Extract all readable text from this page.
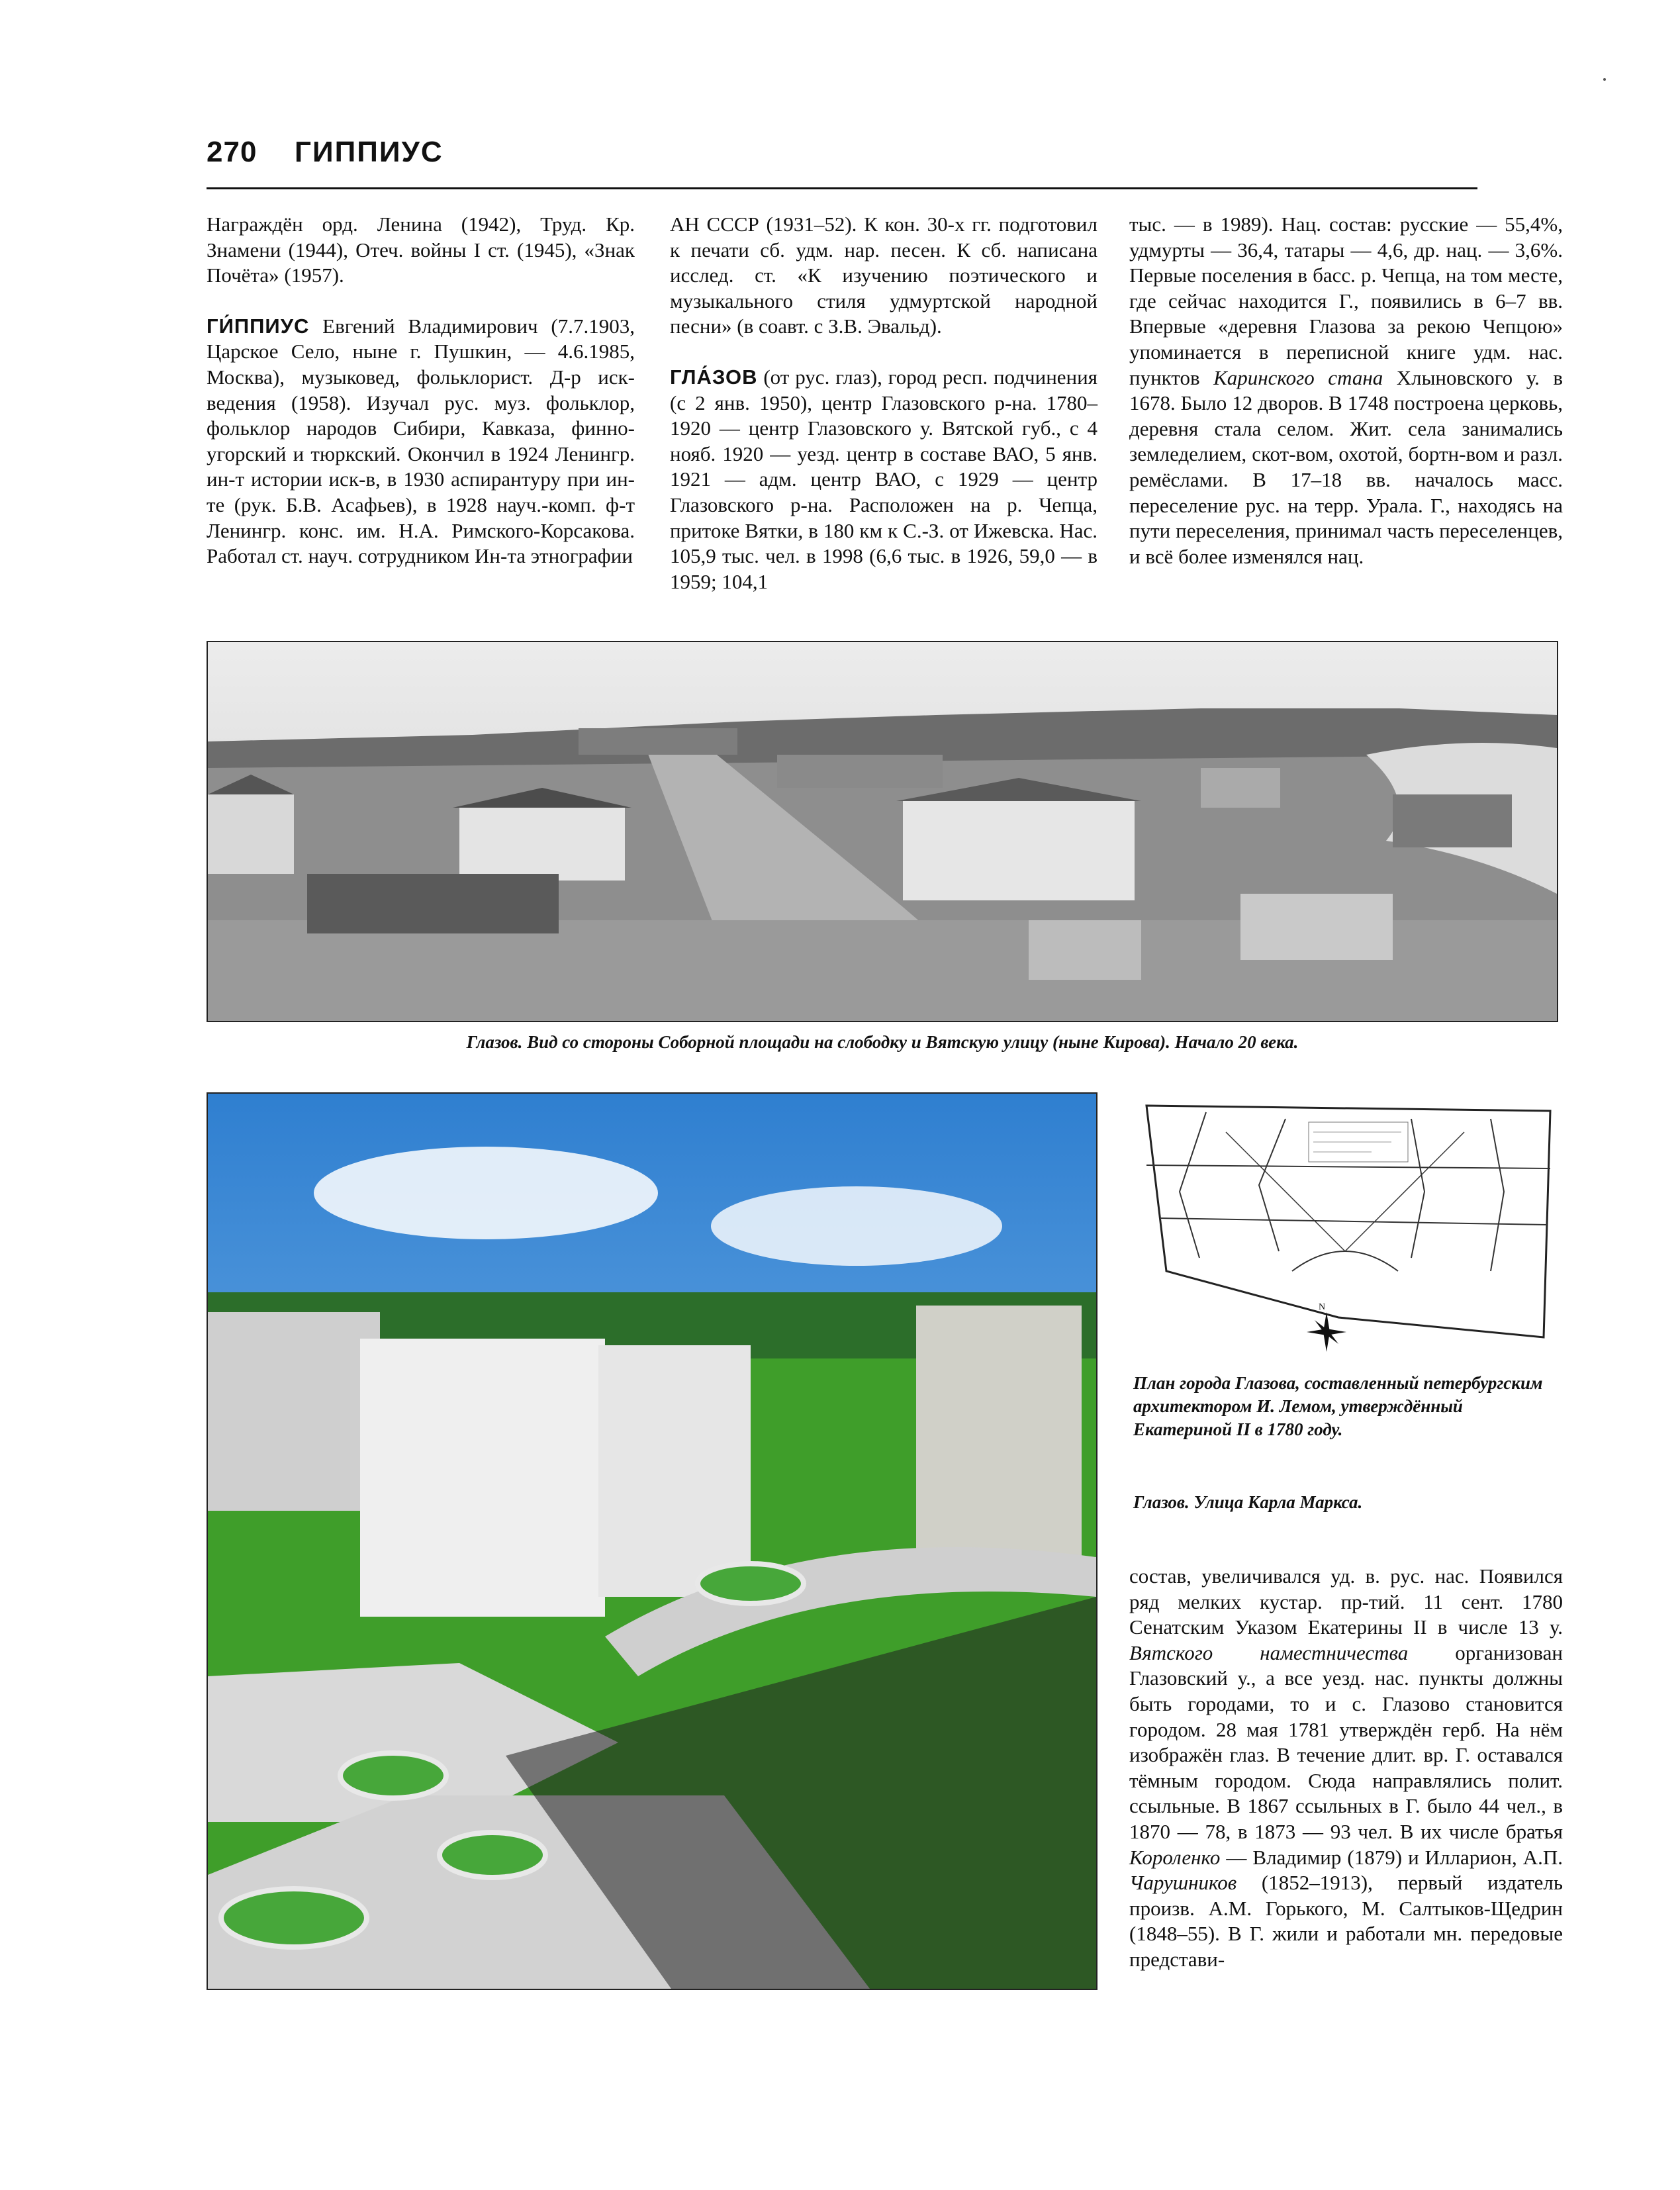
270 ГИППИУС

Награждён орд. Ленина (1942), Труд. Кр. Знамени (1944), Отеч. войны I ст. (1945), «Знак Почёта» (1957).

ГИ́ППИУС Евгений Владимирович (7.7.1903, Царское Село, ныне г. Пушкин, — 4.6.1985, Москва), музыковед, фольклорист. Д-р иск-ведения (1958). Изучал рус. муз. фольклор, фольклор народов Сибири, Кавказа, финно-угорский и тюркский. Окончил в 1924 Ленингр. ин-т истории иск-в, в 1930 аспирантуру при ин-те (рук. Б.В. Асафьев), в 1928 науч.-комп. ф-т Ленингр. конс. им. Н.А. Римского-Корсакова. Работал ст. науч. сотрудником Ин-та этнографии

АН СССР (1931–52). К кон. 30-х гг. подготовил к печати сб. удм. нар. песен. К сб. написана исслед. ст. «К изучению поэтического и музыкального стиля удмуртской народной песни» (в соавт. с З.В. Эвальд).

ГЛА́ЗОВ (от рус. глаз), город респ. подчинения (с 2 янв. 1950), центр Глазовского р-на. 1780–1920 — центр Глазовского у. Вятской губ., с 4 нояб. 1920 — уезд. центр в составе ВАО, 5 янв. 1921 — адм. центр ВАО, с 1929 — центр Глазовского р-на. Расположен на р. Чепца, притоке Вятки, в 180 км к С.-З. от Ижевска. Нас. 105,9 тыс. чел. в 1998 (6,6 тыс. в 1926, 59,0 — в 1959; 104,1

тыс. — в 1989). Нац. состав: русские — 55,4%, удмурты — 36,4, татары — 4,6, др. нац. — 3,6%. Первые поселения в басс. р. Чепца, на том месте, где сейчас находится Г., появились в 6–7 вв. Впервые «деревня Глазова за рекою Чепцою» упоминается в переписной книге удм. нас. пунктов Каринского стана Хлыновского у. в 1678. Было 12 дворов. В 1748 построена церковь, деревня стала селом. Жит. села занимались земледелием, скот-вом, охотой, бортн-вом и разл. ремёслами. В 17–18 вв. началось масс. переселение рус. на терр. Урала. Г., находясь на пути переселения, принимал часть переселенцев, и всё более изменялся нац.

Глазов. Вид со стороны Соборной площади на слободку и Вятскую улицу (ныне Кирова). Начало 20 века.
N
План города Глазова, составленный петербургским архитектором И. Лемом, утверждённый Екатериной II в 1780 году.
Глазов. Улица Карла Маркса.

состав, увеличивался уд. в. рус. нас. Появился ряд мелких кустар. пр-тий. 11 сент. 1780 Сенатским Указом Екатерины II в числе 13 у. Вятского наместничества организован Глазовский у., а все уезд. нас. пункты должны быть городами, то и с. Глазово становится городом. 28 мая 1781 утверждён герб. На нём изображён глаз. В течение длит. вр. Г. оставался тёмным городом. Сюда направлялись полит. ссыльные. В 1867 ссыльных в Г. было 44 чел., в 1870 — 78, в 1873 — 93 чел. В их числе братья Короленко — Владимир (1879) и Илларион, А.П. Чарушников (1852–1913), первый издатель произв. А.М. Горького, М. Салтыков-Щедрин (1848–55). В Г. жили и работали мн. передовые представи-
